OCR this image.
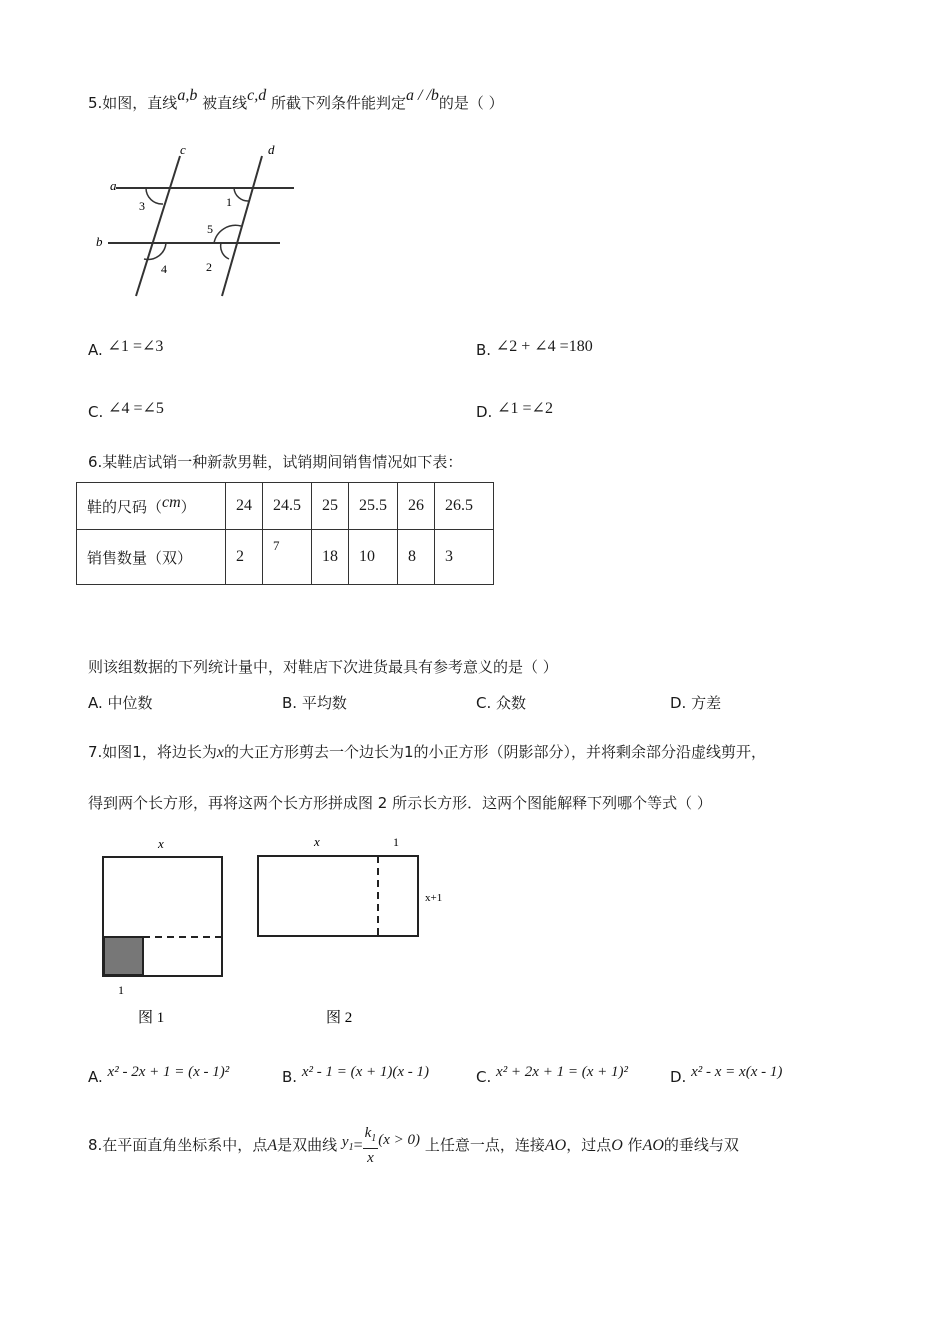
5.如图，直线a,b 被直线c,d 所截下列条件能判定a / /b的是（ ）
c	d
a
b
3	1
5
4	2
A. ∠1 =∠3	B. ∠2 + ∠4 =180
C. ∠4 =∠5	D. ∠1 =∠2
6.某鞋店试销一种新款男鞋，试销期间销售情况如下表：
鞋的尺码（cm）	24	24.5	25	25.5	26	26.5
销售数量（双）	2	7	18	10	8	3
则该组数据的下列统计量中，对鞋店下次进货最具有参考意义的是（ ）
A. 中位数	B. 平均数	C. 众数	D. 方差
7.如图1，将边长为x的大正方形剪去一个边长为1的小正方形（阴影部分），并将剩余部分沿虚线剪开，
得到两个长方形，再将这两个长方形拼成图 2 所示长方形．这两个图能解释下列哪个等式（ ）
x
1
图 1
x	1
x+1
图 2
A. x² - 2x + 1 = (x - 1)²	B. x² - 1 = (x + 1)(x - 1)	C. x² + 2x + 1 = (x + 1)²	D. x² - x = x(x - 1)
8.在平面直角坐标系中，点A是双曲线 $y_1= \frac{k_1}{x} (x > 0)$ 上任意一点，连接AO，过点O 作AO的垂线与双
